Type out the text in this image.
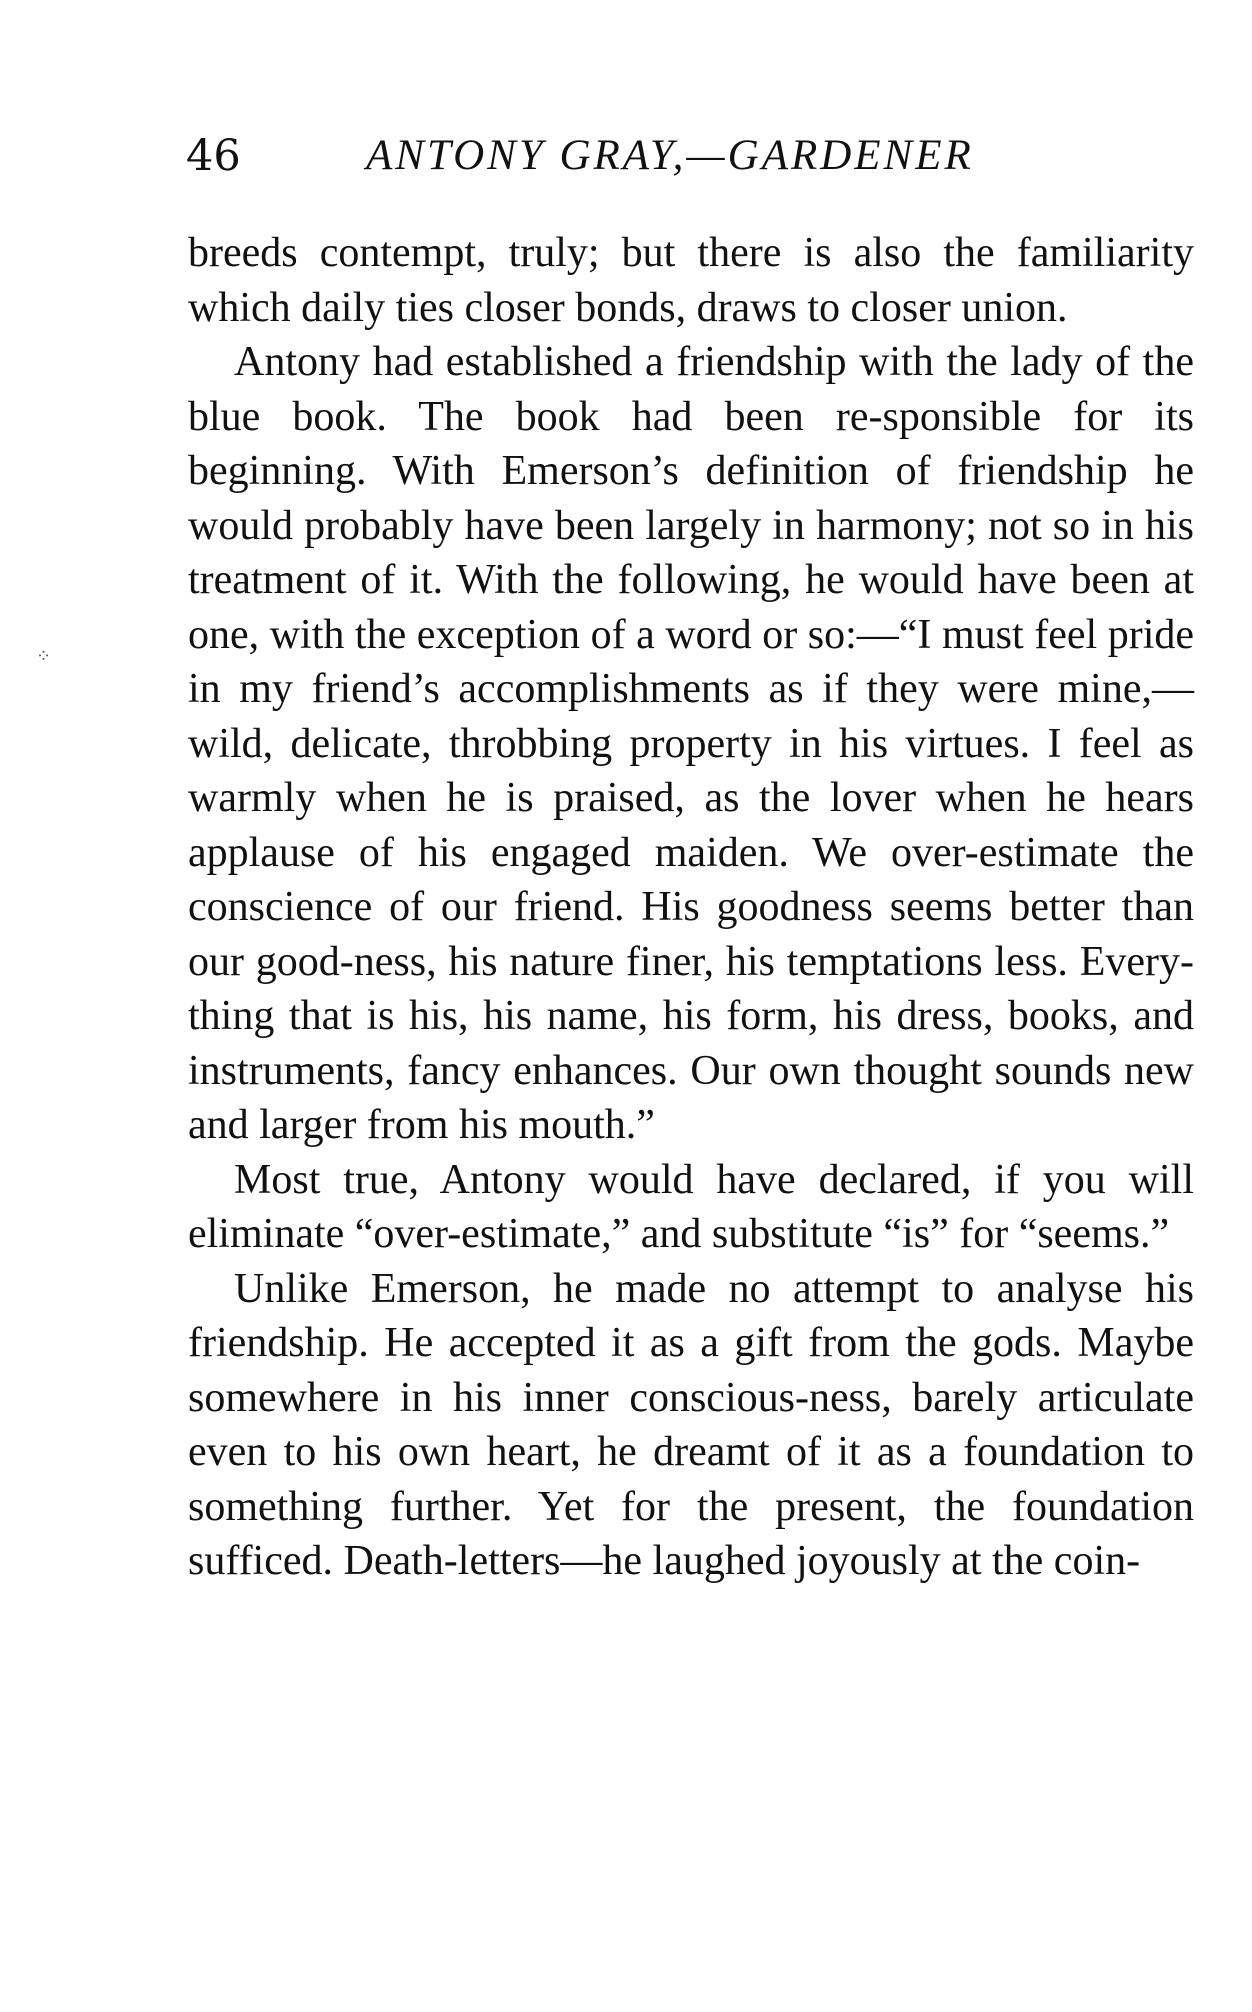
⁘
46	ANTONY GRAY,—GARDENER

breeds contempt, truly; but there is also the familiarity which daily ties closer bonds, draws to closer union.

Antony had established a friendship with the lady of the blue book. The book had been re-sponsible for its beginning. With Emerson’s definition of friendship he would probably have been largely in harmony; not so in his treatment of it. With the following, he would have been at one, with the exception of a word or so:—“I must feel pride in my friend’s accomplishments as if they were mine,—wild, delicate, throbbing property in his virtues. I feel as warmly when he is praised, as the lover when he hears applause of his engaged maiden. We over-estimate the conscience of our friend. His goodness seems better than our good-ness, his nature finer, his temptations less. Every-thing that is his, his name, his form, his dress, books, and instruments, fancy enhances. Our own thought sounds new and larger from his mouth.”

Most true, Antony would have declared, if you will eliminate “over-estimate,” and substitute “is” for “seems.”

Unlike Emerson, he made no attempt to analyse his friendship. He accepted it as a gift from the gods. Maybe somewhere in his inner conscious-ness, barely articulate even to his own heart, he dreamt of it as a foundation to something further. Yet for the present, the foundation sufficed. Death-letters—he laughed joyously at the coin-
